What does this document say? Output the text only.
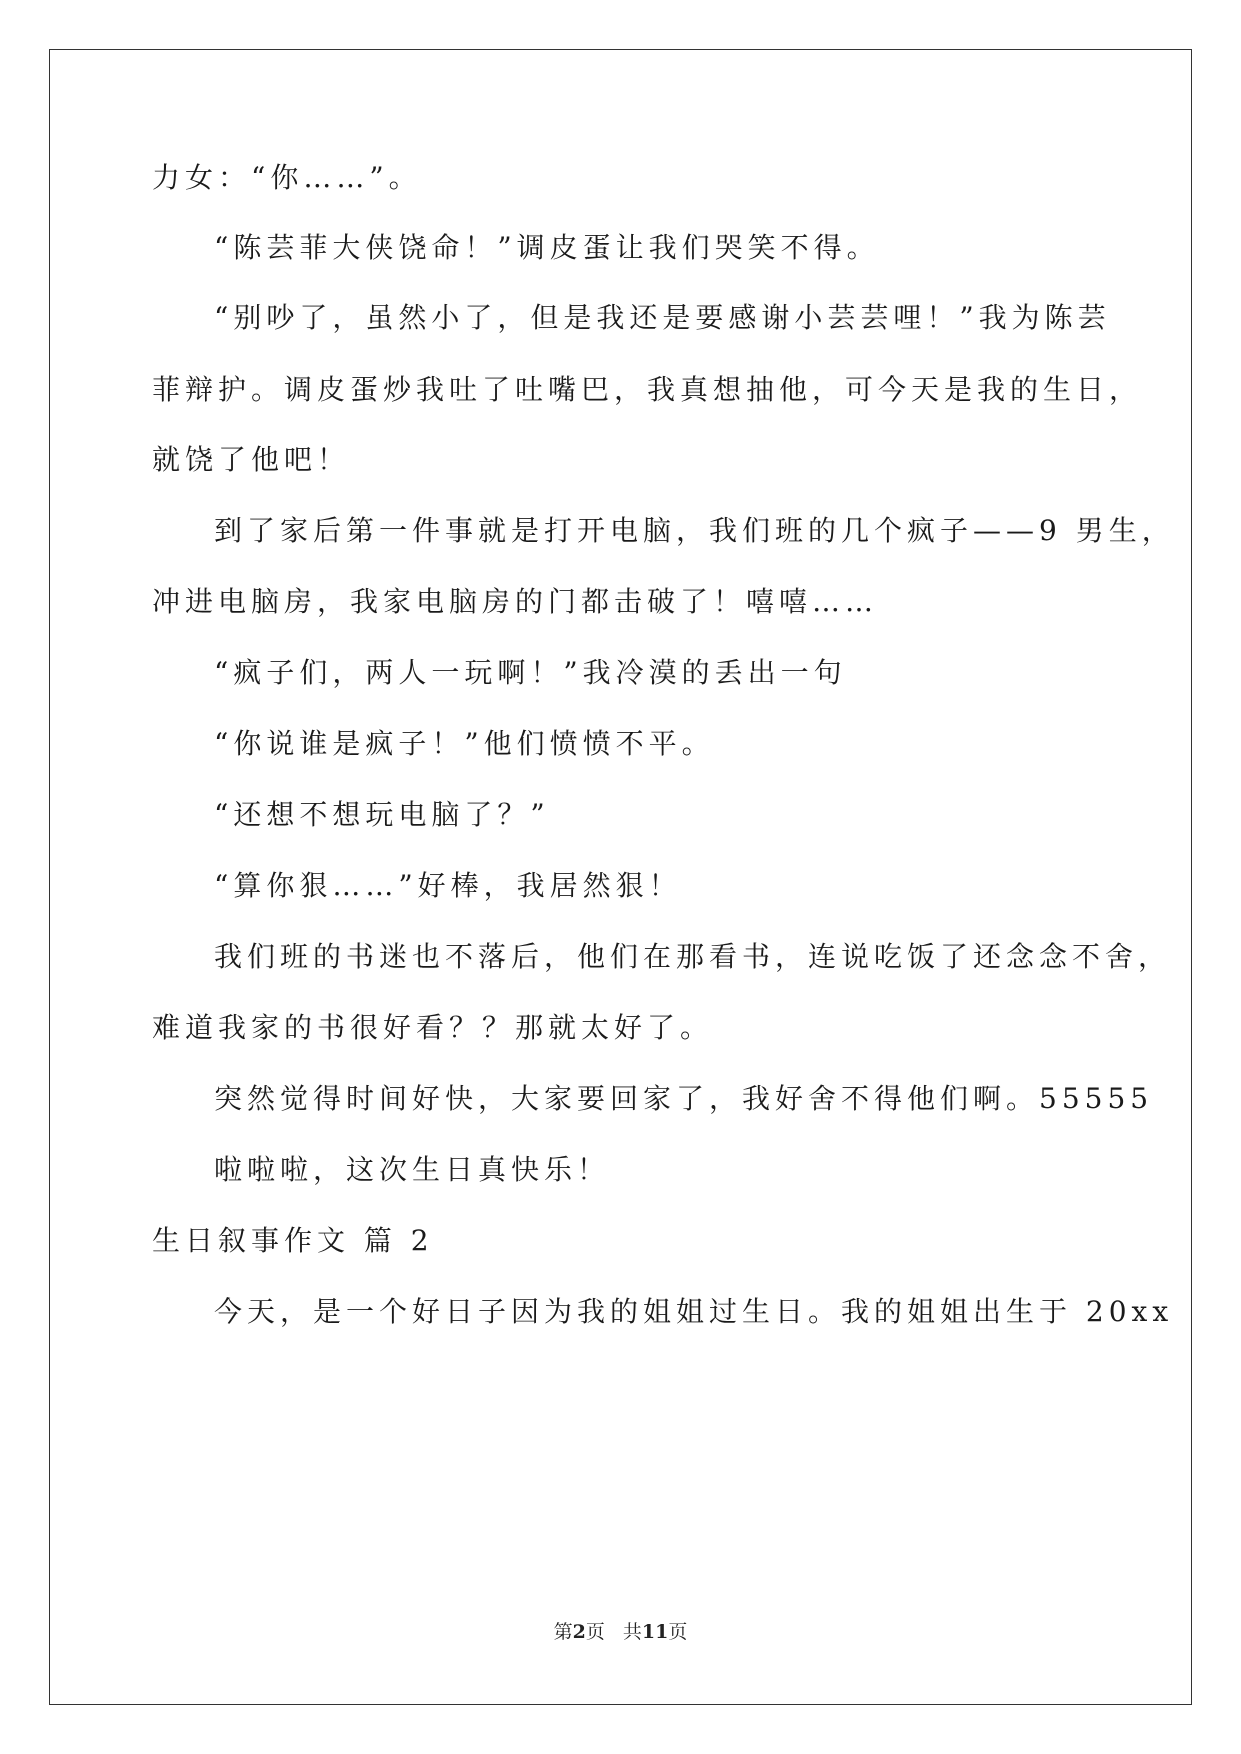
力女：“你……”。
“陈芸菲大侠饶命！”调皮蛋让我们哭笑不得。
“别吵了，虽然小了，但是我还是要感谢小芸芸哩！”我为陈芸
菲辩护。调皮蛋炒我吐了吐嘴巴，我真想抽他，可今天是我的生日，
就饶了他吧！
到了家后第一件事就是打开电脑，我们班的几个疯子——9 男生，
冲进电脑房，我家电脑房的门都击破了！嘻嘻……
“疯子们，两人一玩啊！”我冷漠的丢出一句
“你说谁是疯子！”他们愤愤不平。
“还想不想玩电脑了？”
“算你狠……”好棒，我居然狠！
我们班的书迷也不落后，他们在那看书，连说吃饭了还念念不舍，
难道我家的书很好看？？那就太好了。
突然觉得时间好快，大家要回家了，我好舍不得他们啊。55555
啦啦啦，这次生日真快乐！
生日叙事作文 篇 2
今天，是一个好日子因为我的姐姐过生日。我的姐姐出生于 20xx
第2页 共11页
